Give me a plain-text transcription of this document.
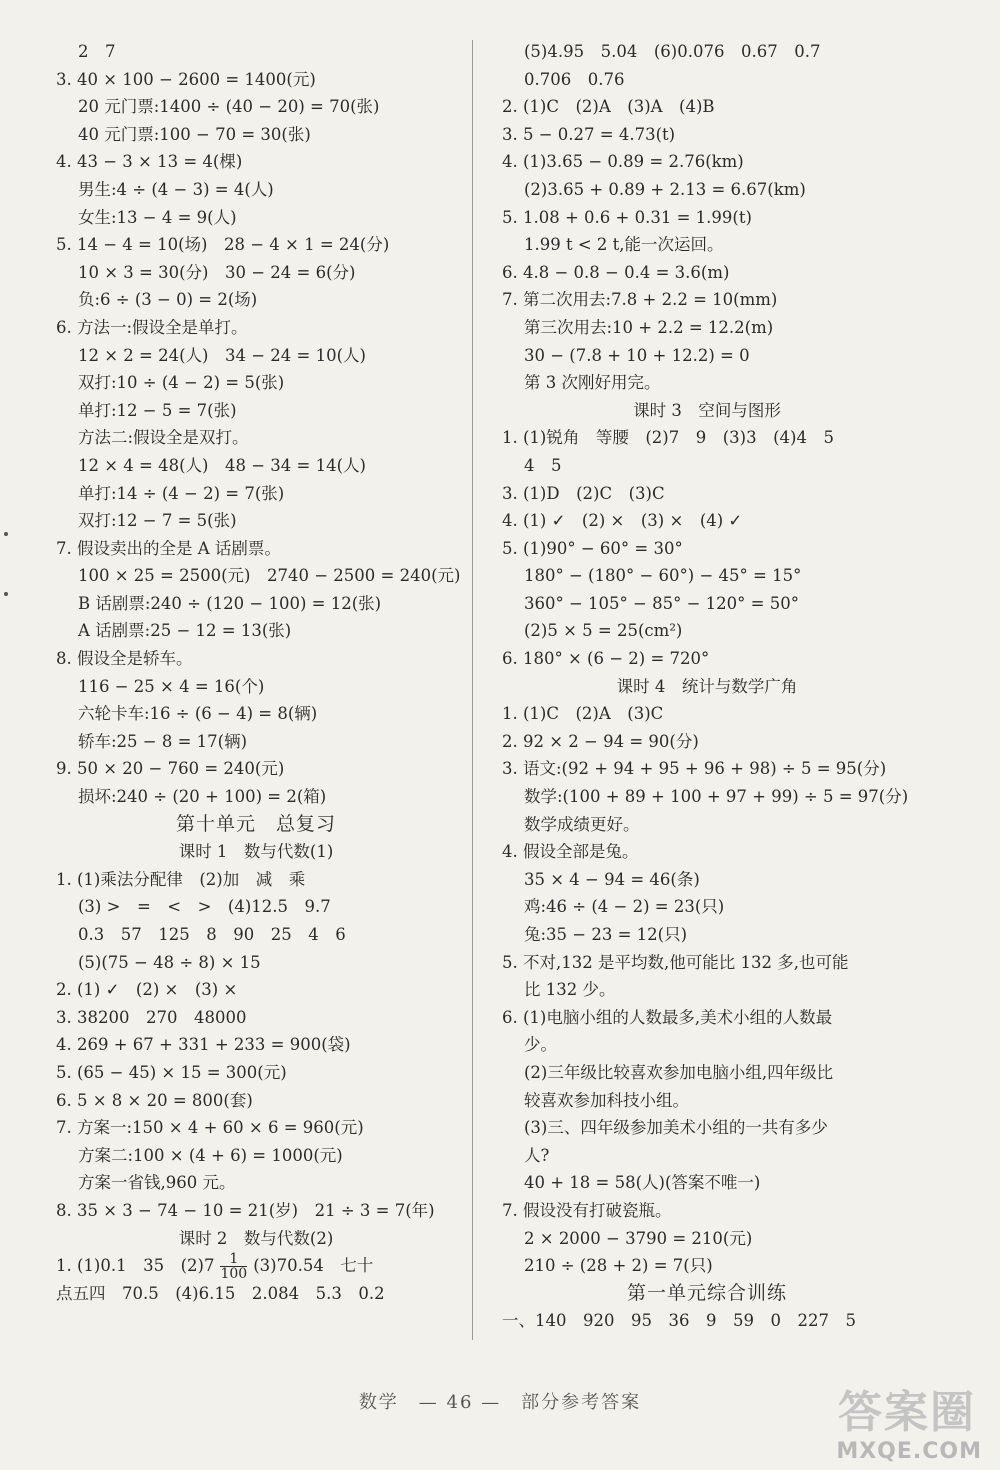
2　7
3. 40 × 100 − 2600 = 1400(元)
20 元门票:1400 ÷ (40 − 20) = 70(张)
40 元门票:100 − 70 = 30(张)
4. 43 − 3 × 13 = 4(棵)
男生:4 ÷ (4 − 3) = 4(人)
女生:13 − 4 = 9(人)
5. 14 − 4 = 10(场)　28 − 4 × 1 = 24(分)
10 × 3 = 30(分)　30 − 24 = 6(分)
负:6 ÷ (3 − 0) = 2(场)
6. 方法一:假设全是单打。
12 × 2 = 24(人)　34 − 24 = 10(人)
双打:10 ÷ (4 − 2) = 5(张)
单打:12 − 5 = 7(张)
方法二:假设全是双打。
12 × 4 = 48(人)　48 − 34 = 14(人)
单打:14 ÷ (4 − 2) = 7(张)
双打:12 − 7 = 5(张)
7. 假设卖出的全是 A 话剧票。
100 × 25 = 2500(元)　2740 − 2500 = 240(元)
B 话剧票:240 ÷ (120 − 100) = 12(张)
A 话剧票:25 − 12 = 13(张)
8. 假设全是轿车。
116 − 25 × 4 = 16(个)
六轮卡车:16 ÷ (6 − 4) = 8(辆)
轿车:25 − 8 = 17(辆)
9. 50 × 20 − 760 = 240(元)
损坏:240 ÷ (20 + 100) = 2(箱)
第十单元　总复习
课时 1　数与代数(1)
1. (1)乘法分配律　(2)加　减　乘
(3) >　=　<　>　(4)12.5　9.7
0.3　57　125　8　90　25　4　6
(5)(75 − 48 ÷ 8) × 15
2. (1) ✓　(2) ×　(3) ×
3. 38200　270　48000
4. 269 + 67 + 331 + 233 = 900(袋)
5. (65 − 45) × 15 = 300(元)
6. 5 × 8 × 20 = 800(套)
7. 方案一:150 × 4 + 60 × 6 = 960(元)
方案二:100 × (4 + 6) = 1000(元)
方案一省钱,960 元。
8. 35 × 3 − 74 − 10 = 21(岁)　21 ÷ 3 = 7(年)
课时 2　数与代数(2)
1. (1)0.1　35　$(2)7 \frac{1}{100} (3)70.54$　七十
点五四　70.5　(4)6.15　2.084　5.3　0.2
(5)4.95　5.04　(6)0.076　0.67　0.7
0.706　0.76
2. (1)C　(2)A　(3)A　(4)B
3. 5 − 0.27 = 4.73(t)
4. (1)3.65 − 0.89 = 2.76(km)
(2)3.65 + 0.89 + 2.13 = 6.67(km)
5. 1.08 + 0.6 + 0.31 = 1.99(t)
1.99 t < 2 t,能一次运回。
6. 4.8 − 0.8 − 0.4 = 3.6(m)
7. 第二次用去:7.8 + 2.2 = 10(mm)
第三次用去:10 + 2.2 = 12.2(m)
30 − (7.8 + 10 + 12.2) = 0
第 3 次刚好用完。
课时 3　空间与图形
1. (1)锐角　等腰　(2)7　9　(3)3　(4)4　5
4　5
3. (1)D　(2)C　(3)C
4. (1) ✓　(2) ×　(3) ×　(4) ✓
5. (1)90° − 60° = 30°
180° − (180° − 60°) − 45° = 15°
360° − 105° − 85° − 120° = 50°
(2)5 × 5 = 25(cm²)
6. 180° × (6 − 2) = 720°
课时 4　统计与数学广角
1. (1)C　(2)A　(3)C
2. 92 × 2 − 94 = 90(分)
3. 语文:(92 + 94 + 95 + 96 + 98) ÷ 5 = 95(分)
数学:(100 + 89 + 100 + 97 + 99) ÷ 5 = 97(分)
数学成绩更好。
4. 假设全部是兔。
35 × 4 − 94 = 46(条)
鸡:46 ÷ (4 − 2) = 23(只)
兔:35 − 23 = 12(只)
5. 不对,132 是平均数,他可能比 132 多,也可能
比 132 少。
6. (1)电脑小组的人数最多,美术小组的人数最
少。
(2)三年级比较喜欢参加电脑小组,四年级比
较喜欢参加科技小组。
(3)三、四年级参加美术小组的一共有多少
人?
40 + 18 = 58(人)(答案不唯一)
7. 假设没有打破瓷瓶。
2 × 2000 − 3790 = 210(元)
210 ÷ (28 + 2) = 7(只)
第一单元综合训练
一、140　920　95　36　9　59　0　227　5
数学　— 46 —　部分参考答案	答案圈
MXQE.COM
